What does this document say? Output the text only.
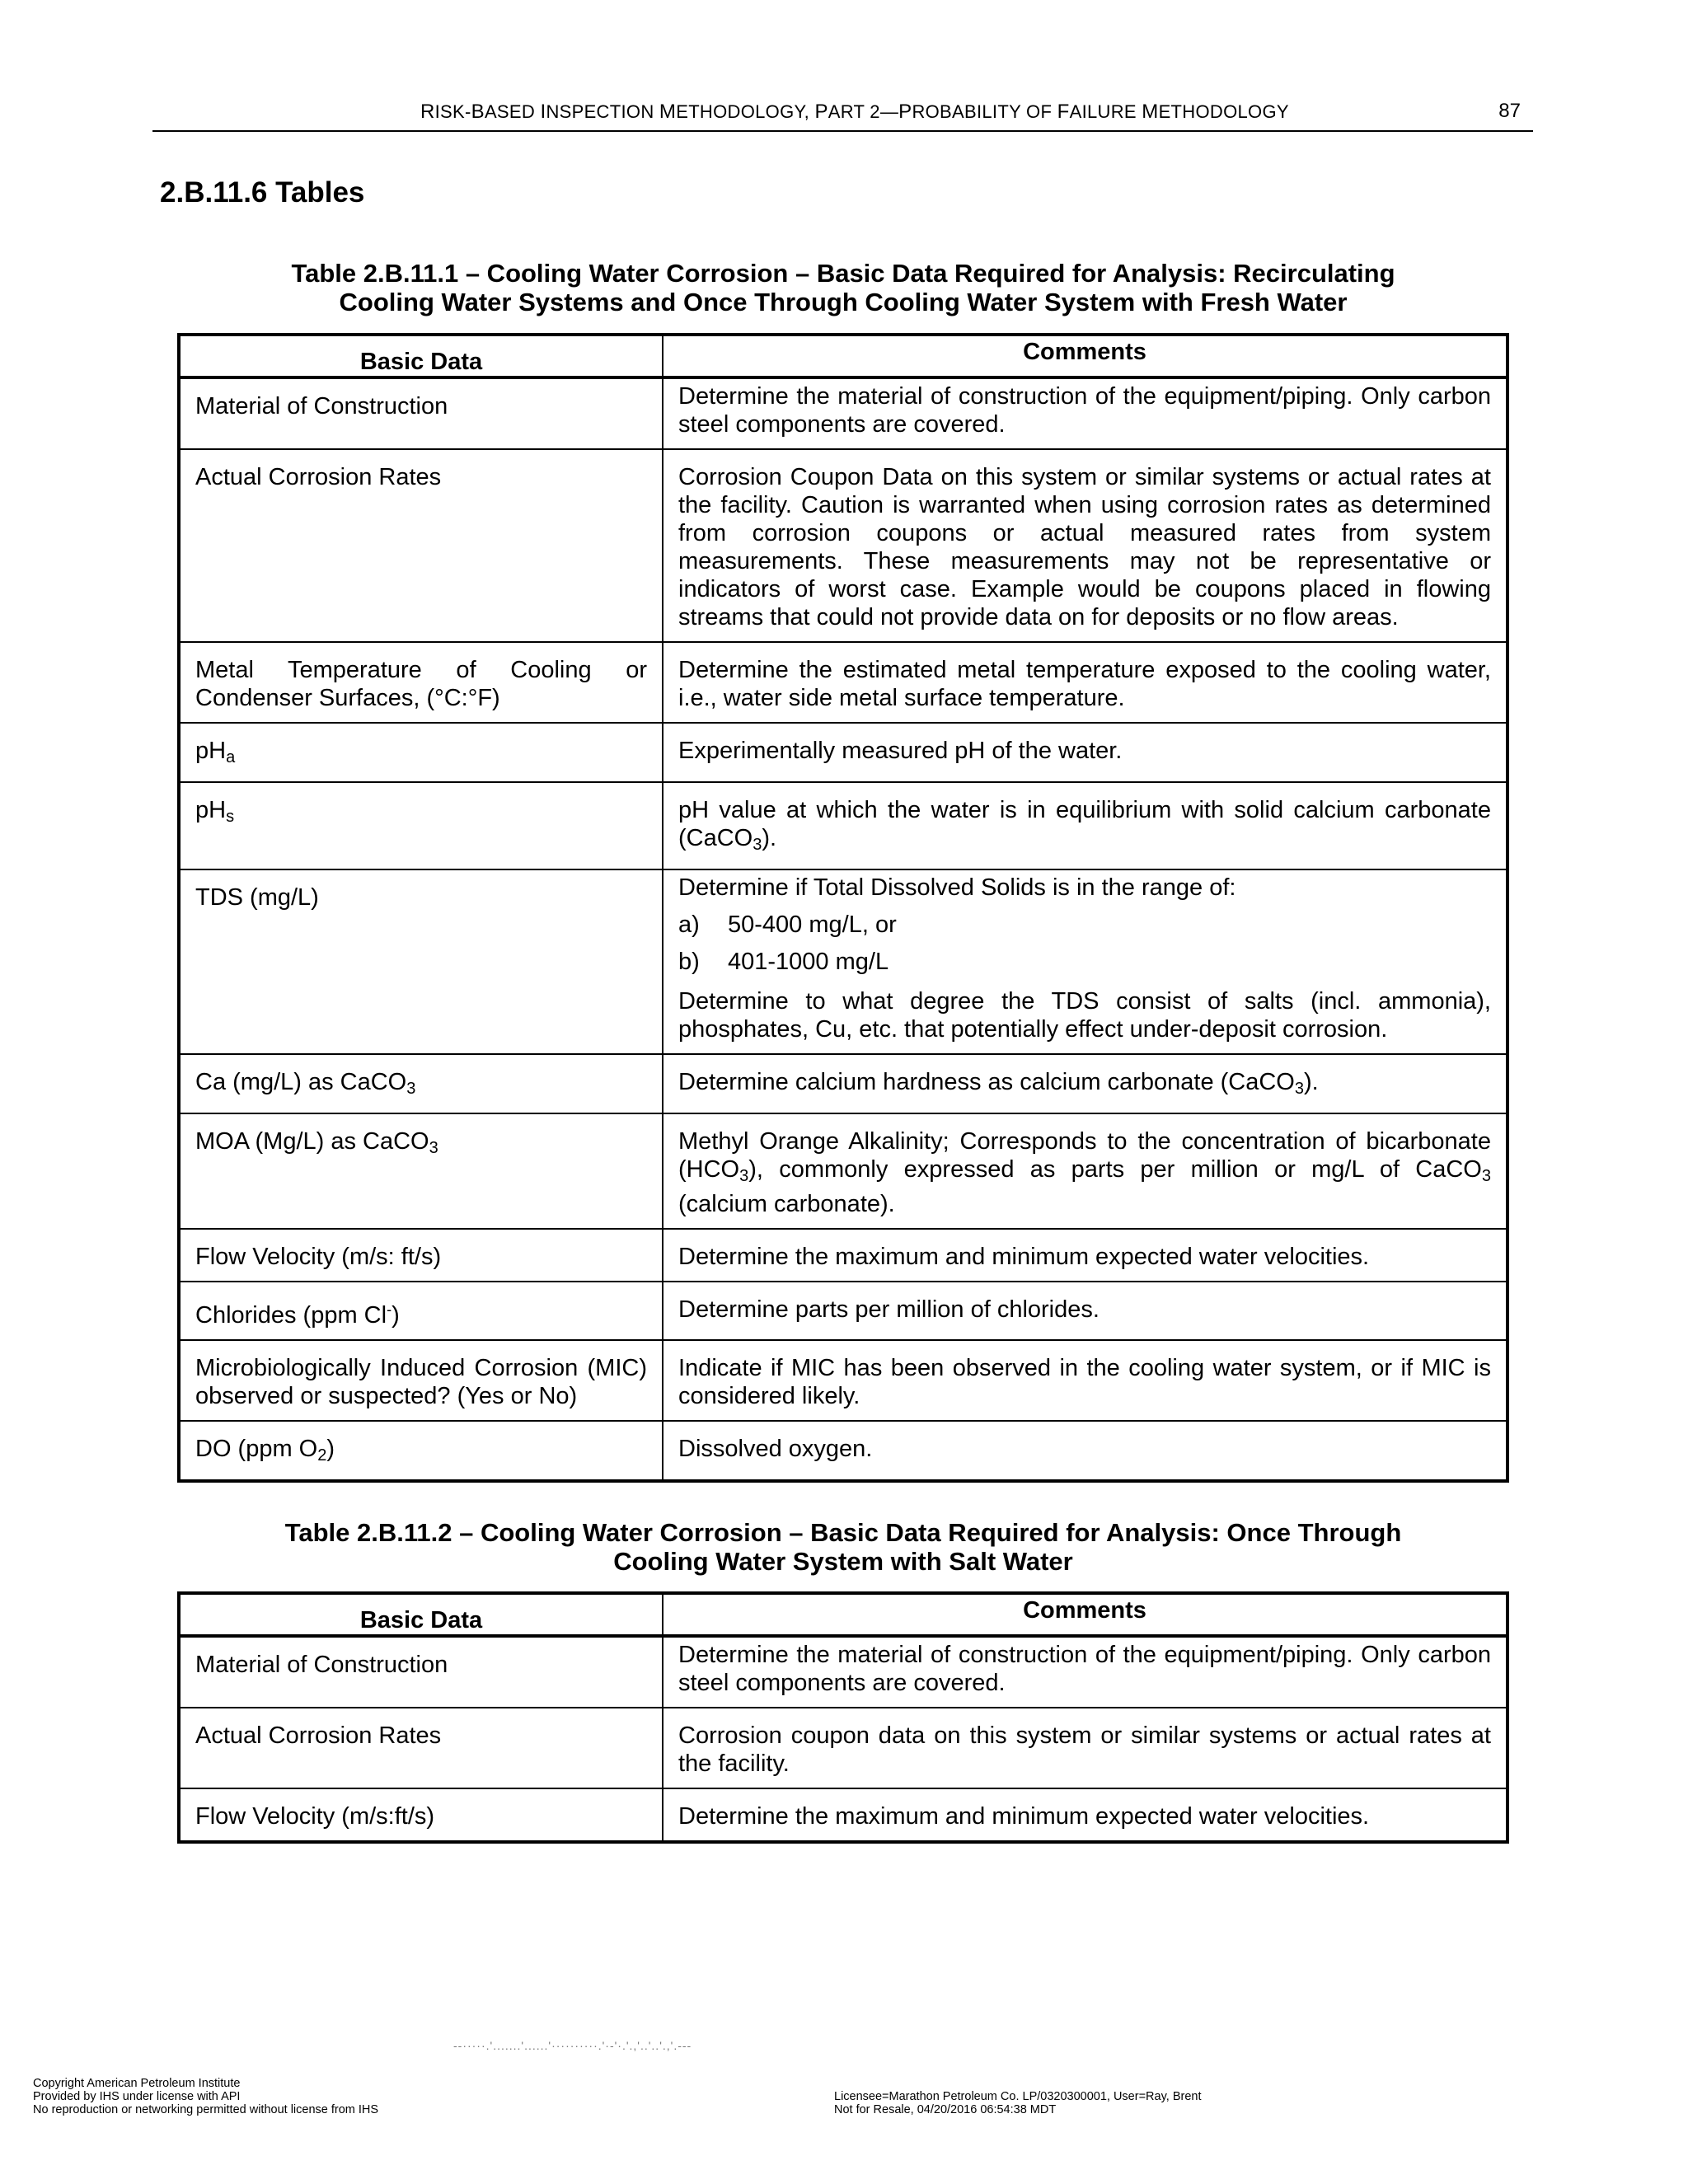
RISK-BASED INSPECTION METHODOLOGY, PART 2—PROBABILITY OF FAILURE METHODOLOGY	87
2.B.11.6 Tables
Table 2.B.11.1 – Cooling Water Corrosion – Basic Data Required for Analysis: Recirculating
Cooling Water Systems and Once Through Cooling Water System with Fresh Water
Basic Data	Comments
Material of Construction	Determine the material of construction of the equipment/piping. Only carbon steel components are covered.
Actual Corrosion Rates	Corrosion Coupon Data on this system or similar systems or actual rates at the facility. Caution is warranted when using corrosion rates as determined from corrosion coupons or actual measured rates from system measurements. These measurements may not be representative or indicators of worst case. Example would be coupons placed in flowing streams that could not provide data on for deposits or no flow areas.
Metal Temperature of Cooling or Condenser Surfaces, (°C:°F)	Determine the estimated metal temperature exposed to the cooling water, i.e., water side metal surface temperature.
$pH_a$	Experimentally measured pH of the water.
$pH_s$	pH value at which the water is in equilibrium with solid calcium carbonate (CaCO$_3$).
TDS (mg/L)	Determine if Total Dissolved Solids is in the range of:
a) 50-400 mg/L, or
b) 401-1000 mg/L
Determine to what degree the TDS consist of salts (incl. ammonia), phosphates, Cu, etc. that potentially effect under-deposit corrosion.

Ca (mg/L) as CaCO$_3$	Determine calcium hardness as calcium carbonate (CaCO$_3$).
MOA (Mg/L) as CaCO$_3$	Methyl Orange Alkalinity; Corresponds to the concentration of bicarbonate $(HCO_3)$, commonly expressed as parts per million or mg/L of CaCO$_3$ (calcium carbonate).
Flow Velocity (m/s: ft/s)	Determine the maximum and minimum expected water velocities.
Chlorides (ppm Cl-)	Determine parts per million of chlorides.
Microbiologically Induced Corrosion (MIC) observed or suspected? (Yes or No)	Indicate if MIC has been observed in the cooling water system, or if MIC is considered likely.
DO (ppm $O_2$)	Dissolved oxygen.
Table 2.B.11.2 – Cooling Water Corrosion – Basic Data Required for Analysis: Once Through
Cooling Water System with Salt Water
Basic Data	Comments
Material of Construction	Determine the material of construction of the equipment/piping. Only carbon steel components are covered.
Actual Corrosion Rates	Corrosion coupon data on this system or similar systems or actual rates at the facility.
Flow Velocity (m/s:ft/s)	Determine the maximum and minimum expected water velocities.
--·····.'.......'......'··········.'·-'·.'.,'..'..'.,'.---
Copyright American Petroleum Institute
Provided by IHS under license with API
No reproduction or networking permitted without license from IHS
Licensee=Marathon Petroleum Co. LP/0320300001, User=Ray, Brent
Not for Resale, 04/20/2016 06:54:38 MDT
